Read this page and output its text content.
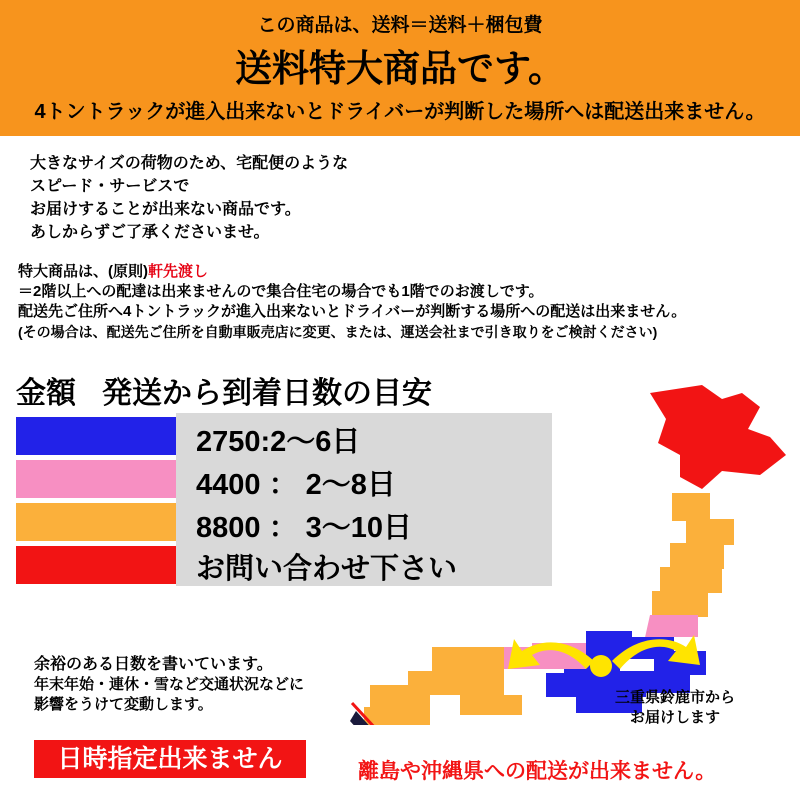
この商品は、送料＝送料＋梱包費
送料特大商品です。
4トントラックが進入出来ないとドライバーが判断した場所へは配送出来ません。
大きなサイズの荷物のため、宅配便のような
スピード・サービスで
お届けすることが出来ない商品です。
あしからずご了承くださいませ。
特大商品は、(原則)軒先渡し
＝2階以上への配達は出来ませんので集合住宅の場合でも1階でのお渡しです。
配送先ご住所へ4トントラックが進入出来ないとドライバーが判断する場所への配送は出来ません。
(その場合は、配送先ご住所を自動車販売店に変更、または、運送会社まで引き取りをご検討ください)
金額 発送から到着日数の目安
2750:2〜6日
4400 ： 2〜8日
8800 ： 3〜10日
お問い合わせ下さい
余裕のある日数を書いています。
年末年始・連休・雪など交通状況などに
影響をうけて変動します。
日時指定出来ません
三重県鈴鹿市から
お届けします
離島や沖縄県への配送が出来ません。
